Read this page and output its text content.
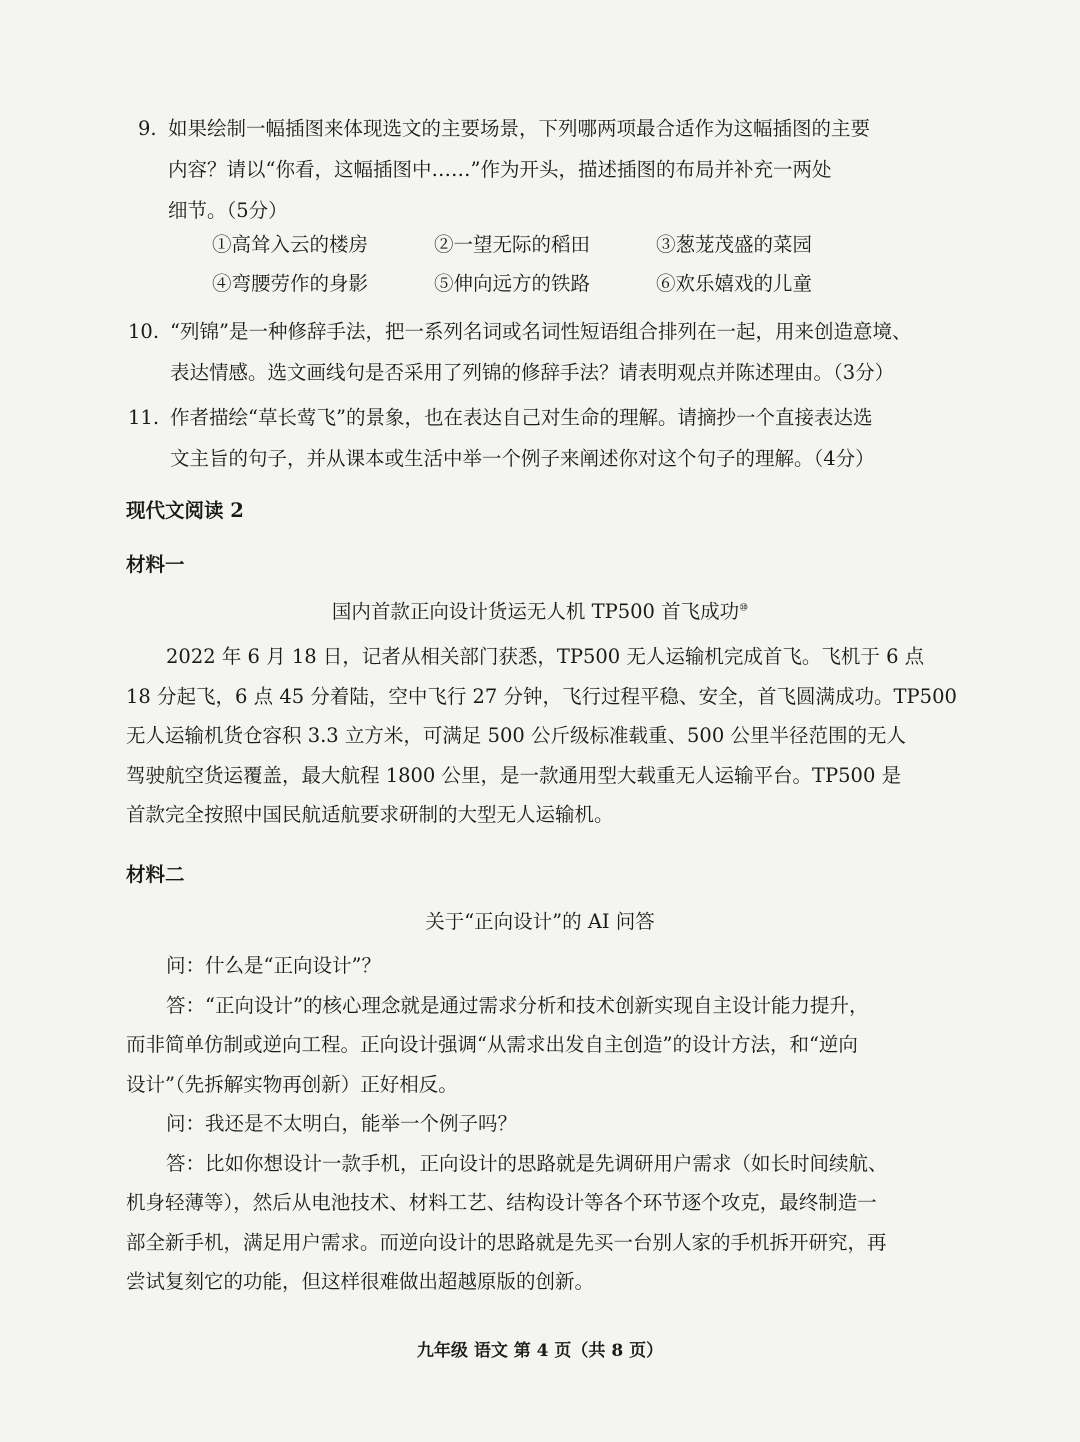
9. 如果绘制一幅插图来体现选文的主要场景，下列哪两项最合适作为这幅插图的主要
内容？请以“你看，这幅插图中……”作为开头，描述插图的布局并补充一两处
细节。（5分）
①高耸入云的楼房	②一望无际的稻田	③葱茏茂盛的菜园
④弯腰劳作的身影	⑤伸向远方的铁路	⑥欢乐嬉戏的儿童
10. “列锦”是一种修辞手法，把一系列名词或名词性短语组合排列在一起，用来创造意境、
表达情感。选文画线句是否采用了列锦的修辞手法？请表明观点并陈述理由。（3分）
11. 作者描绘“草长莺飞”的景象，也在表达自己对生命的理解。请摘抄一个直接表达选
文主旨的句子，并从课本或生活中举一个例子来阐述你对这个句子的理解。（4分）
现代文阅读 2
材料一
国内首款正向设计货运无人机 TP500 首飞成功⑩
2022 年 6 月 18 日，记者从相关部门获悉，TP500 无人运输机完成首飞。飞机于 6 点
18 分起飞，6 点 45 分着陆，空中飞行 27 分钟，飞行过程平稳、安全，首飞圆满成功。TP500
无人运输机货仓容积 3.3 立方米，可满足 500 公斤级标准载重、500 公里半径范围的无人
驾驶航空货运覆盖，最大航程 1800 公里，是一款通用型大载重无人运输平台。TP500 是
首款完全按照中国民航适航要求研制的大型无人运输机。
材料二
关于“正向设计”的 AI 问答
问：什么是“正向设计”？
答：“正向设计”的核心理念就是通过需求分析和技术创新实现自主设计能力提升，
而非简单仿制或逆向工程。正向设计强调“从需求出发自主创造”的设计方法，和“逆向
设计”（先拆解实物再创新）正好相反。
问：我还是不太明白，能举一个例子吗？
答：比如你想设计一款手机，正向设计的思路就是先调研用户需求（如长时间续航、
机身轻薄等），然后从电池技术、材料工艺、结构设计等各个环节逐个攻克，最终制造一
部全新手机，满足用户需求。而逆向设计的思路就是先买一台别人家的手机拆开研究，再
尝试复刻它的功能，但这样很难做出超越原版的创新。
九年级 语文 第 4 页（共 8 页）
